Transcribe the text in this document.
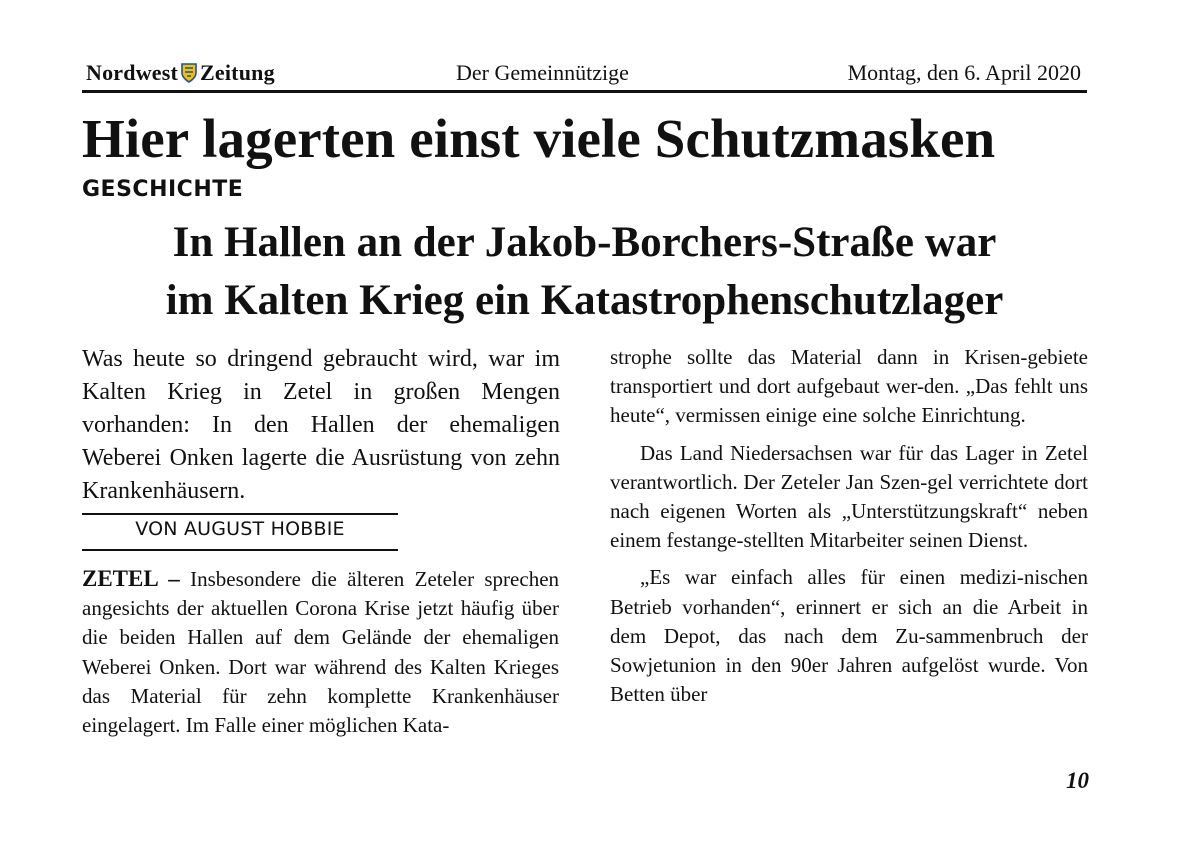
Nordwest Zeitung	Der Gemeinnützige	Montag, den 6. April 2020
Hier lagerten einst viele Schutzmasken
GESCHICHTE
In Hallen an der Jakob-Borchers-Straße war
im Kalten Krieg ein Katastrophenschutzlager

Was heute so dringend gebraucht wird, war im Kalten Krieg in Zetel in großen Mengen vorhanden: In den Hallen der ehemaligen Weberei Onken lagerte die Ausrüstung von zehn Krankenhäusern.

VON AUGUST HOBBIE

ZETEL – Insbesondere die älteren Zeteler sprechen angesichts der aktuellen Corona Krise jetzt häufig über die beiden Hallen auf dem Gelände der ehemaligen Weberei Onken. Dort war während des Kalten Krieges das Material für zehn komplette Krankenhäuser eingelagert. Im Falle einer möglichen Kata-

strophe sollte das Material dann in Krisen-gebiete transportiert und dort aufgebaut wer-den. „Das fehlt uns heute“, vermissen einige eine solche Einrichtung.

Das Land Niedersachsen war für das Lager in Zetel verantwortlich. Der Zeteler Jan Szen-gel verrichtete dort nach eigenen Worten als „Unterstützungskraft“ neben einem festange-stellten Mitarbeiter seinen Dienst.

„Es war einfach alles für einen medizi-nischen Betrieb vorhanden“, erinnert er sich an die Arbeit in dem Depot, das nach dem Zu-sammenbruch der Sowjetunion in den 90er Jahren aufgelöst wurde. Von Betten über

10
